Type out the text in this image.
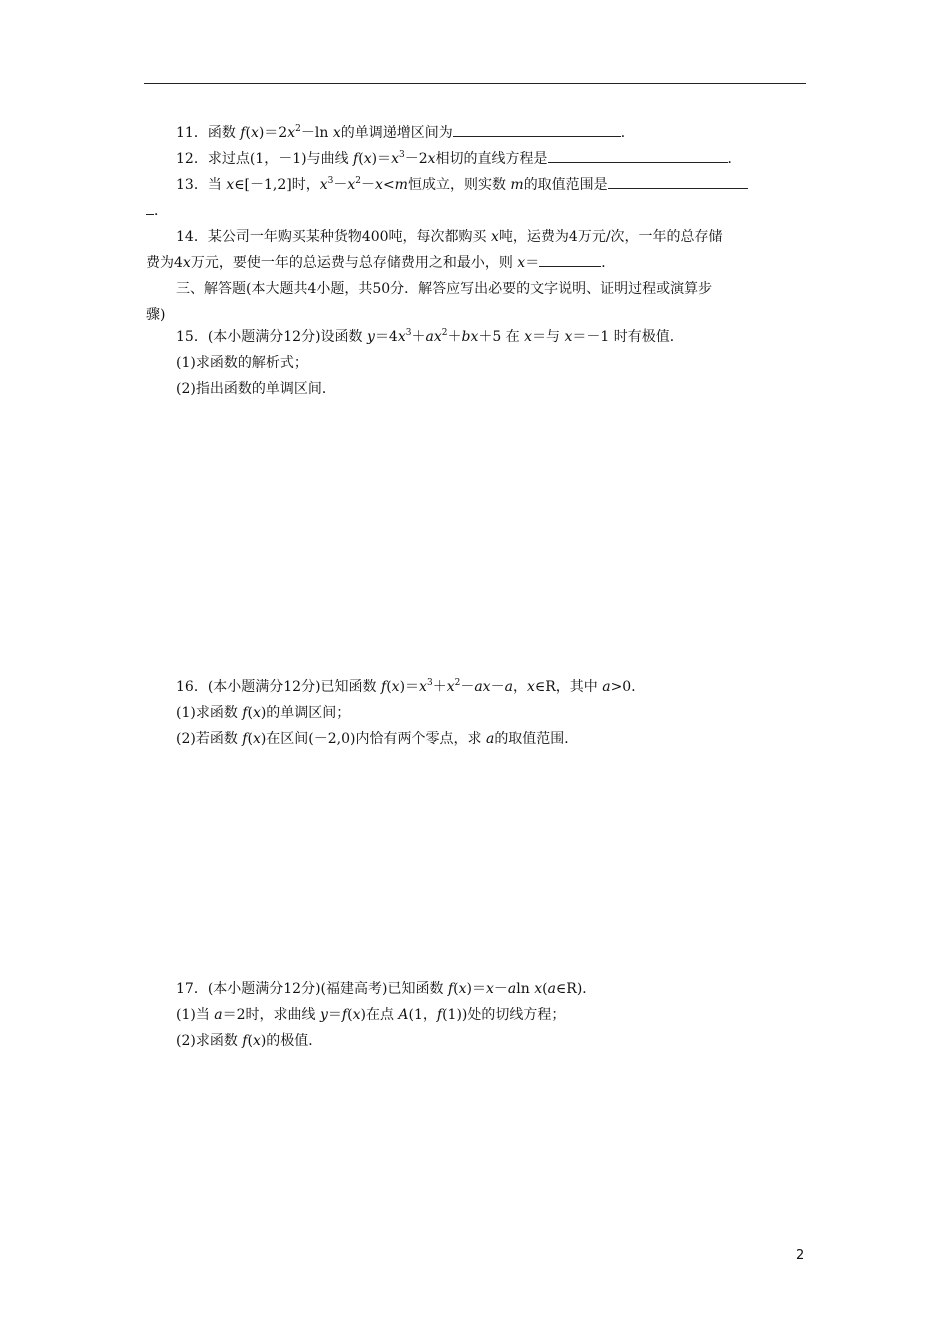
11．函数 $f(x)=2x^2-\ln$ x的单调递增区间为	．
12．求过点(1，－1)与曲线 $f(x)=x^3-2x$相切的直线方程是	．
13．当 x∈[－1,2]时，$x^3-x^2-x<m$恒成立，则实数 m的取值范围是
．
14．某公司一年购买某种货物400吨，每次都购买 x吨，运费为4万元/次，一年的总存储
费为4x万元，要使一年的总运费与总存储费用之和最小，则 x＝	．
三、解答题(本大题共4小题，共50分．解答应写出必要的文字说明、证明过程或演算步
骤)
15．(本小题满分12分)设函数 $y=4x^3+ax^2+bx+5$ 在 x＝与 x＝－1 时有极值．
(1)求函数的解析式；
(2)指出函数的单调区间．
16．(本小题满分12分)已知函数 $f(x)=x^3+x^2-ax-a$，x∈R，其中 a>0．
(1)求函数 f(x)的单调区间；
(2)若函数 f(x)在区间(－2,0)内恰有两个零点，求 a的取值范围．
17．(本小题满分12分)(福建高考)已知函数 f(x)＝x－aln x(a∈R)．
(1)当 a＝2时，求曲线 y＝f(x)在点 A(1，f(1))处的切线方程；
(2)求函数 f(x)的极值．
2
